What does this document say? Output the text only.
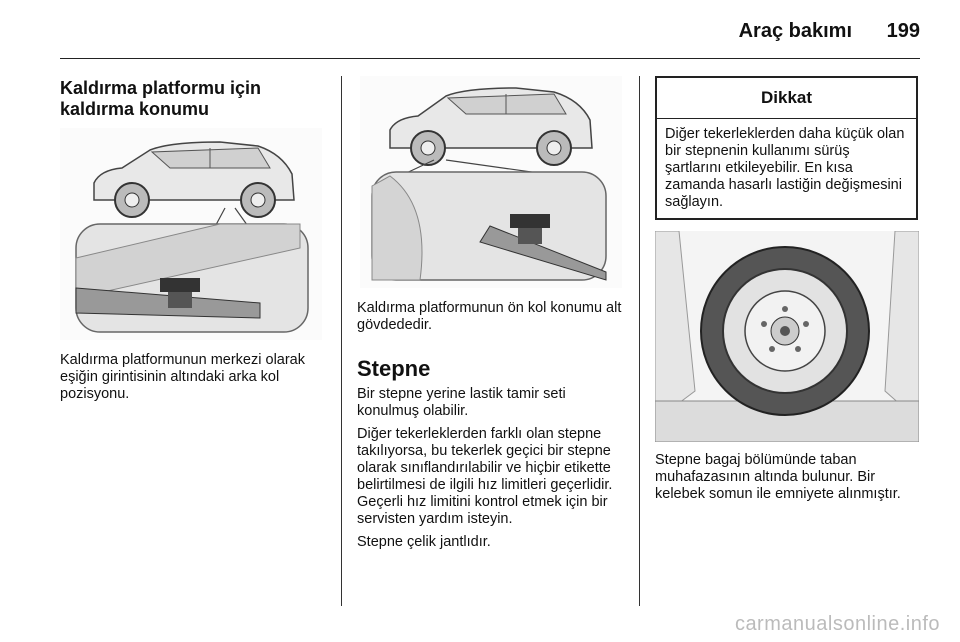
Araç bakımı 199
Kaldırma platformu için kaldırma konumu

Kaldırma platformunun merkezi olarak eşiğin girintisinin altındaki arka kol pozisyonu.

Kaldırma platformunun ön kol konumu alt gövdededir.

Stepne

Bir stepne yerine lastik tamir seti konulmuş olabilir.

Diğer tekerleklerden farklı olan stepne takılıyorsa, bu tekerlek geçici bir stepne olarak sınıflandırılabilir ve hiçbir etikette belirtilmesi de ilgili hız limitleri geçerlidir. Geçerli hız limitini kontrol etmek için bir servisten yardım isteyin.

Stepne çelik jantlıdır.

Dikkat
Diğer tekerleklerden daha küçük olan bir stepnenin kullanımı sürüş şartlarını etkileyebilir. En kısa zamanda hasarlı lastiğin değişmesini sağlayın.

Stepne bagaj bölümünde taban muhafazasının altında bulunur. Bir kelebek somun ile emniyete alınmıştır.

carmanualsonline.info
